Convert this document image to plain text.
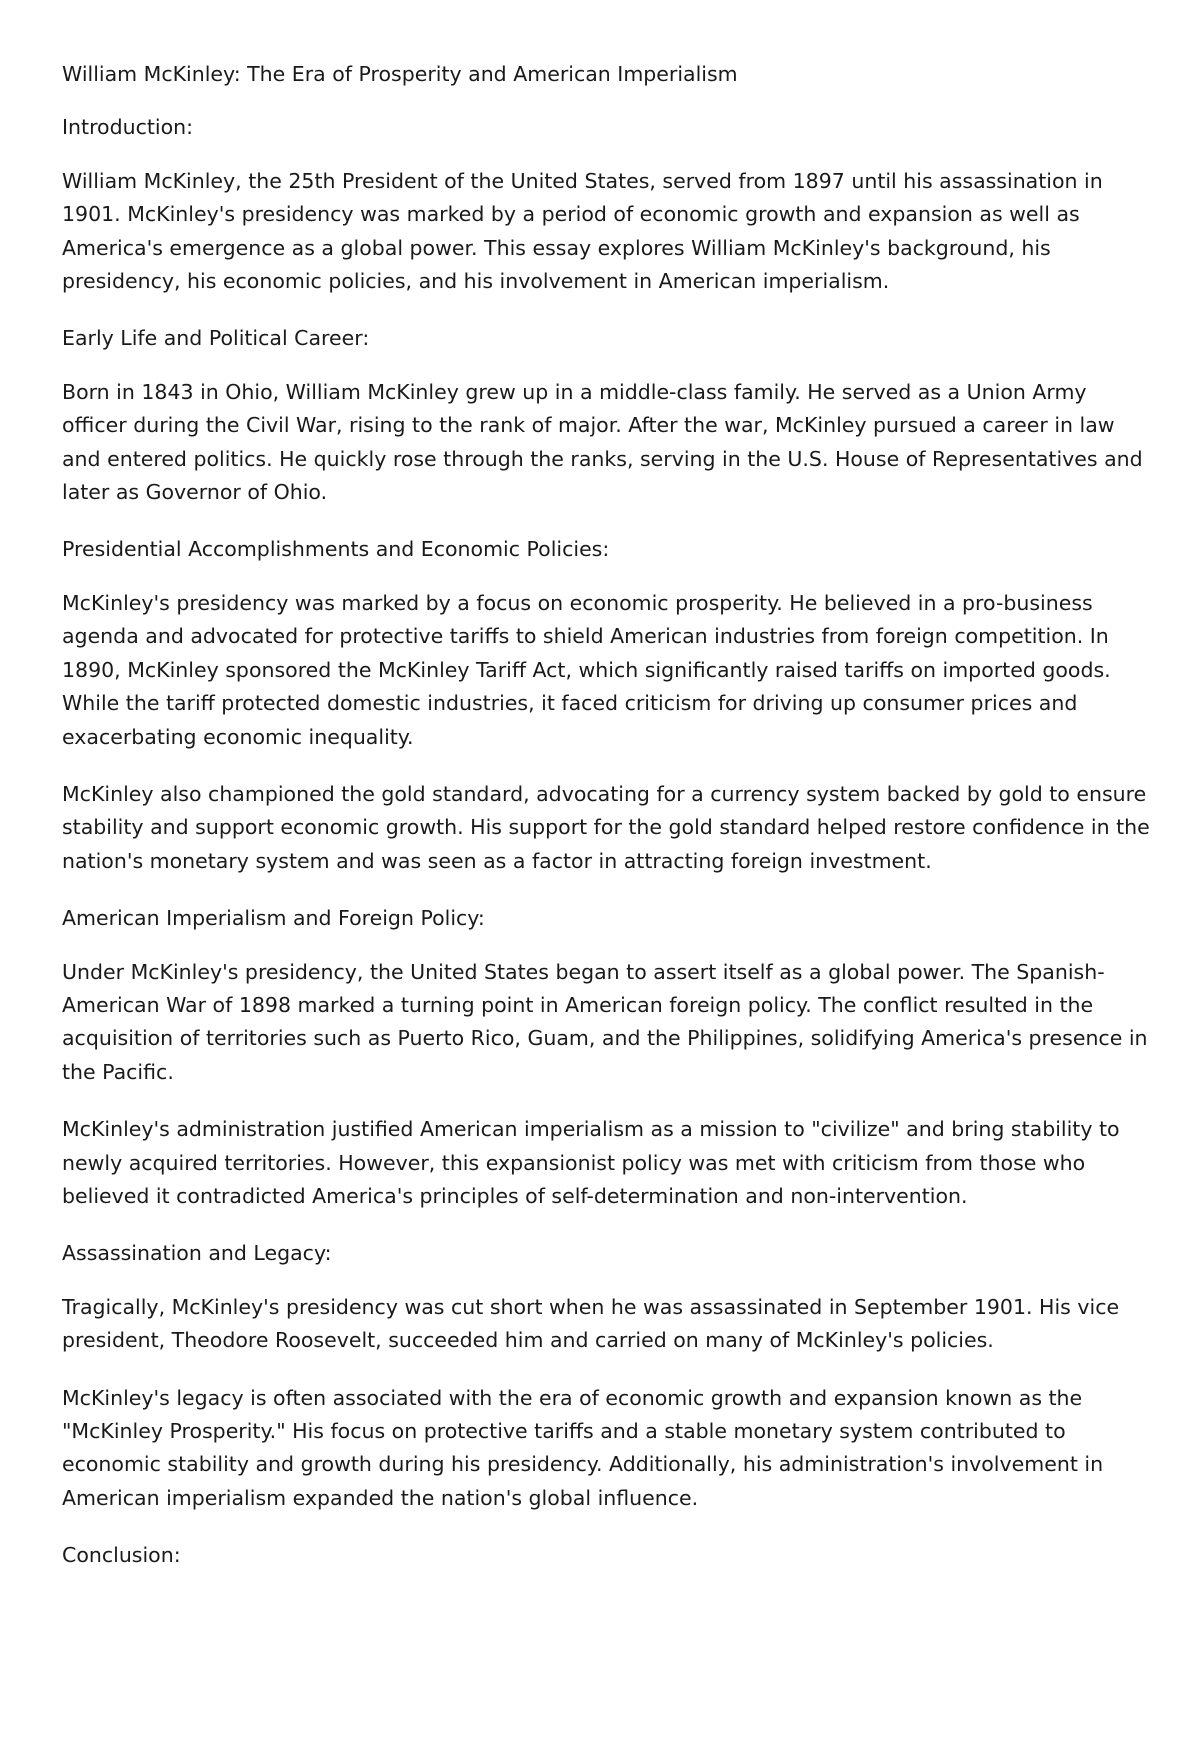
William McKinley: The Era of Prosperity and American Imperialism

Introduction:

William McKinley, the 25th President of the United States, served from 1897 until his assassination in 1901. McKinley's presidency was marked by a period of economic growth and expansion as well as America's emergence as a global power. This essay explores William McKinley's background, his presidency, his economic policies, and his involvement in American imperialism.

Early Life and Political Career:

Born in 1843 in Ohio, William McKinley grew up in a middle-class family. He served as a Union Army officer during the Civil War, rising to the rank of major. After the war, McKinley pursued a career in law and entered politics. He quickly rose through the ranks, serving in the U.S. House of Representatives and later as Governor of Ohio.

Presidential Accomplishments and Economic Policies:

McKinley's presidency was marked by a focus on economic prosperity. He believed in a pro-business agenda and advocated for protective tariffs to shield American industries from foreign competition. In 1890, McKinley sponsored the McKinley Tariff Act, which significantly raised tariffs on imported goods. While the tariff protected domestic industries, it faced criticism for driving up consumer prices and exacerbating economic inequality.

McKinley also championed the gold standard, advocating for a currency system backed by gold to ensure stability and support economic growth. His support for the gold standard helped restore confidence in the nation's monetary system and was seen as a factor in attracting foreign investment.

American Imperialism and Foreign Policy:

Under McKinley's presidency, the United States began to assert itself as a global power. The Spanish-American War of 1898 marked a turning point in American foreign policy. The conflict resulted in the acquisition of territories such as Puerto Rico, Guam, and the Philippines, solidifying America's presence in the Pacific.

McKinley's administration justified American imperialism as a mission to "civilize" and bring stability to newly acquired territories. However, this expansionist policy was met with criticism from those who believed it contradicted America's principles of self-determination and non-intervention.

Assassination and Legacy:

Tragically, McKinley's presidency was cut short when he was assassinated in September 1901. His vice president, Theodore Roosevelt, succeeded him and carried on many of McKinley's policies.

McKinley's legacy is often associated with the era of economic growth and expansion known as the "McKinley Prosperity." His focus on protective tariffs and a stable monetary system contributed to economic stability and growth during his presidency. Additionally, his administration's involvement in American imperialism expanded the nation's global influence.

Conclusion:
